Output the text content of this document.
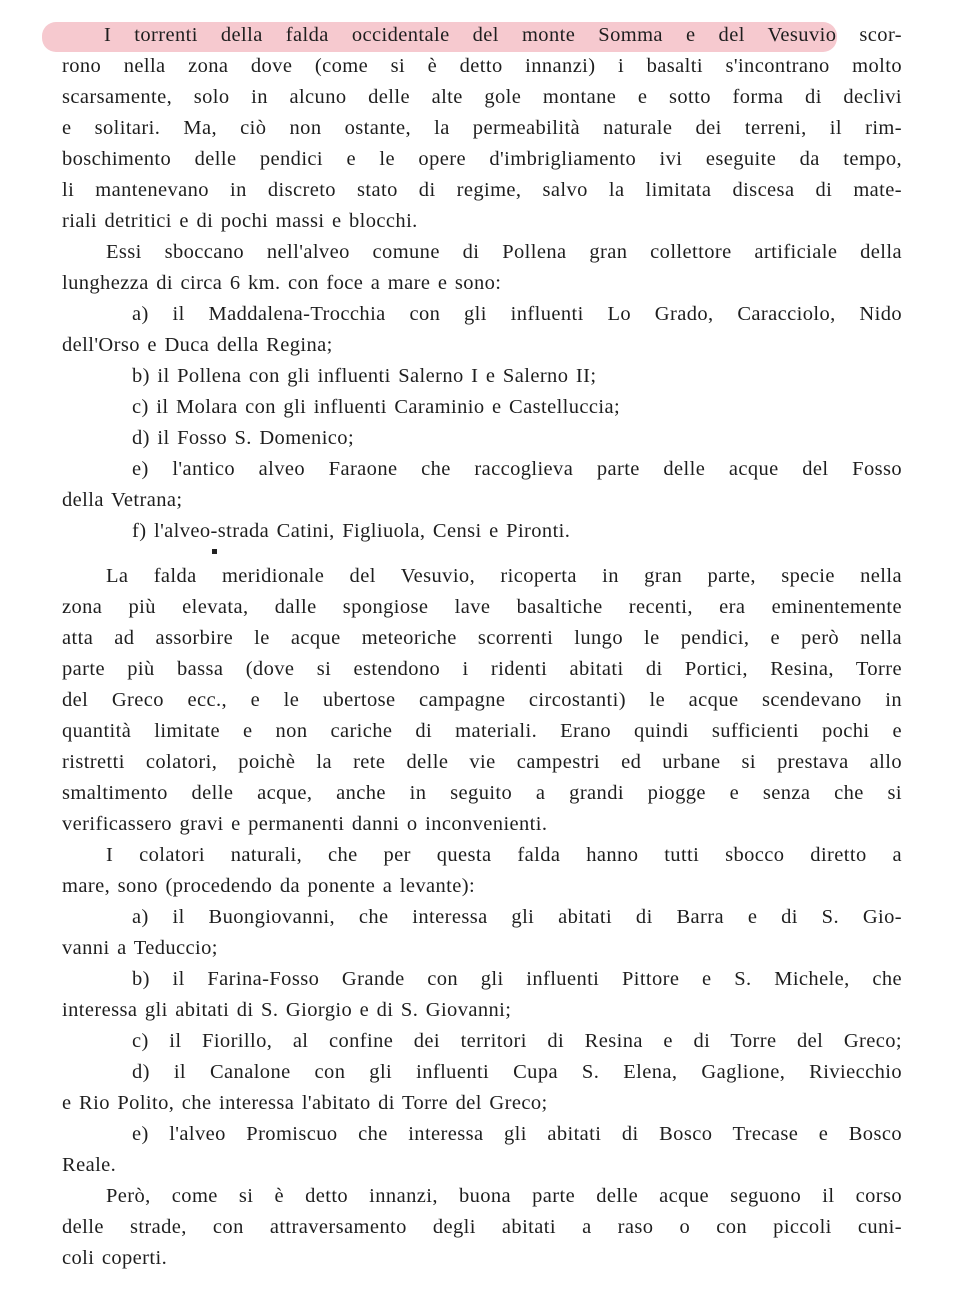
I torrenti della falda occidentale del monte Somma e del Vesuvio scor-
rono nella zona dove (come si è detto innanzi) i basalti s'incontrano molto
scarsamente, solo in alcuno delle alte gole montane e sotto forma di declivi
e solitari. Ma, ciò non ostante, la permeabilità naturale dei terreni, il rim-
boschimento delle pendici e le opere d'imbrigliamento ivi eseguite da tempo,
li mantenevano in discreto stato di regime, salvo la limitata discesa di mate-
riali detritici e di pochi massi e blocchi.
Essi sboccano nell'alveo comune di Pollena gran collettore artificiale della
lunghezza di circa 6 km. con foce a mare e sono:
a) il Maddalena-Trocchia con gli influenti Lo Grado, Caracciolo, Nido
dell'Orso e Duca della Regina;
b) il Pollena con gli influenti Salerno I e Salerno II;
c) il Molara con gli influenti Caraminio e Castelluccia;
d) il Fosso S. Domenico;
e) l'antico alveo Faraone che raccoglieva parte delle acque del Fosso
della Vetrana;
f) l'alveo-strada Catini, Figliuola, Censi e Pironti.
La falda meridionale del Vesuvio, ricoperta in gran parte, specie nella
zona più elevata, dalle spongiose lave basaltiche recenti, era eminentemente
atta ad assorbire le acque meteoriche scorrenti lungo le pendici, e però nella
parte più bassa (dove si estendono i ridenti abitati di Portici, Resina, Torre
del Greco ecc., e le ubertose campagne circostanti) le acque scendevano in
quantità limitate e non cariche di materiali. Erano quindi sufficienti pochi e
ristretti colatori, poichè la rete delle vie campestri ed urbane si prestava allo
smaltimento delle acque, anche in seguito a grandi piogge e senza che si
verificassero gravi e permanenti danni o inconvenienti.
I colatori naturali, che per questa falda hanno tutti sbocco diretto a
mare, sono (procedendo da ponente a levante):
a) il Buongiovanni, che interessa gli abitati di Barra e di S. Gio-
vanni a Teduccio;
b) il Farina-Fosso Grande con gli influenti Pittore e S. Michele, che
interessa gli abitati di S. Giorgio e di S. Giovanni;
c) il Fiorillo, al confine dei territori di Resina e di Torre del Greco;
d) il Canalone con gli influenti Cupa S. Elena, Gaglione, Riviecchio
e Rio Polito, che interessa l'abitato di Torre del Greco;
e) l'alveo Promiscuo che interessa gli abitati di Bosco Trecase e Bosco
Reale.
Però, come si è detto innanzi, buona parte delle acque seguono il corso
delle strade, con attraversamento degli abitati a raso o con piccoli cuni-
coli coperti.
